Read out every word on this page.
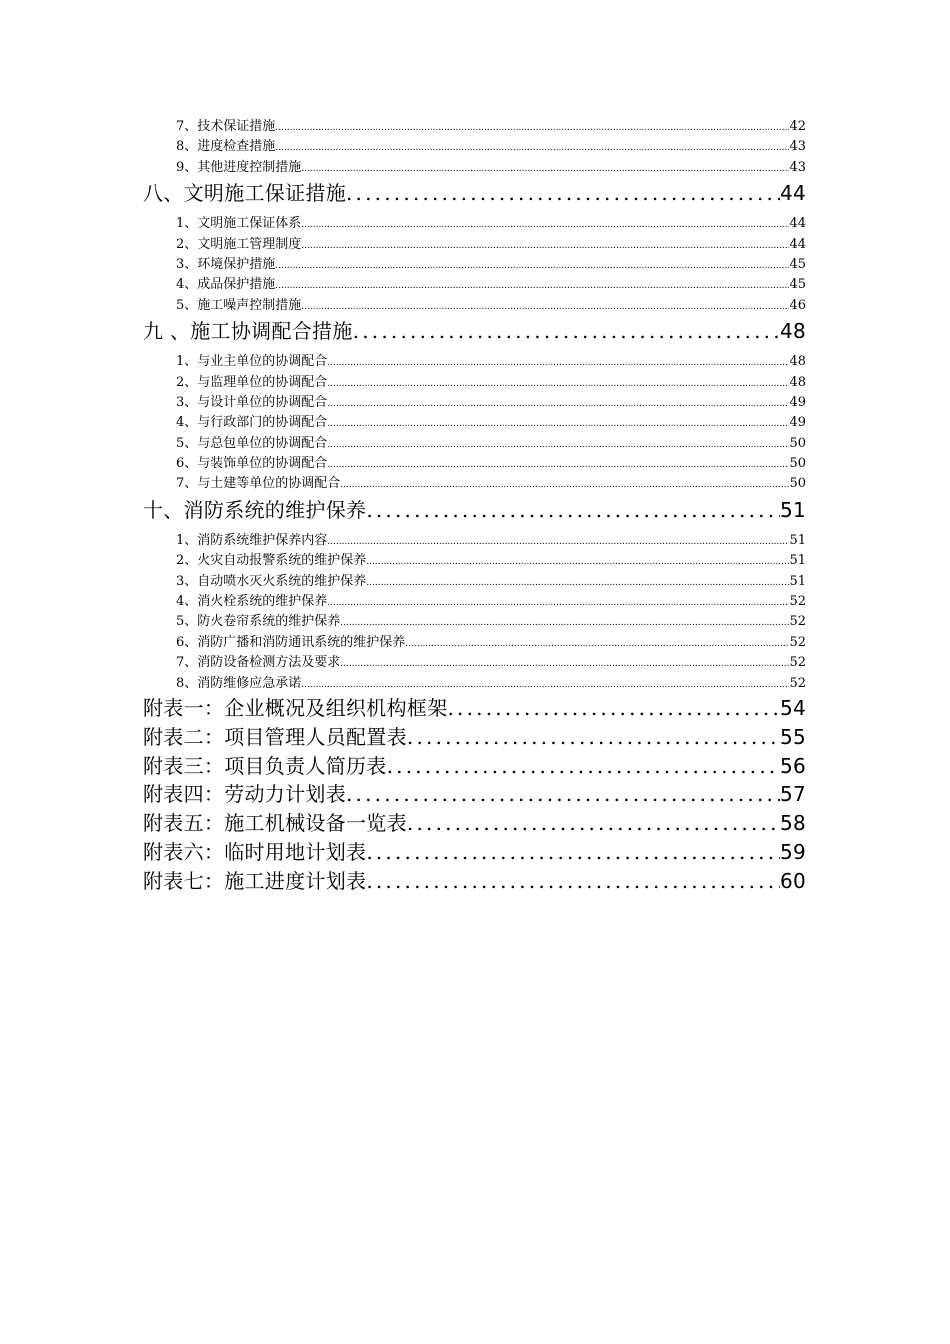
7、技术保证措施 .....	42
8、进度检查措施 .....	43
9、其他进度控制措施 .....	43
八、文明施工保证措施 .....	44
1、文明施工保证体系 .....	44
2、文明施工管理制度 .....	44
3、环境保护措施 .....	45
4、成品保护措施 .....	45
5、施工噪声控制措施 .....	46
九 、施工协调配合措施 .....	48
1、与业主单位的协调配合 .....	48
2、与监理单位的协调配合 .....	48
3、与设计单位的协调配合 .....	49
4、与行政部门的协调配合 .....	49
5、与总包单位的协调配合 .....	50
6、与装饰单位的协调配合 .....	50
7、与土建等单位的协调配合 .....	50
十、消防系统的维护保养 .....	51
1、消防系统维护保养内容 .....	51
2、火灾自动报警系统的维护保养 .....	51
3、自动喷水灭火系统的维护保养 .....	51
4、消火栓系统的维护保养 .....	52
5、防火卷帘系统的维护保养 .....	52
6、消防广播和消防通讯系统的维护保养 .....	52
7、消防设备检测方法及要求 .....	52
8、消防维修应急承诺 .....	52
附表一：企业概况及组织机构框架 .....	54
附表二：项目管理人员配置表 .....	55
附表三：项目负责人简历表 .....	56
附表四：劳动力计划表 .....	57
附表五：施工机械设备一览表 .....	58
附表六：临时用地计划表 .....	59
附表七：施工进度计划表 .....	60
